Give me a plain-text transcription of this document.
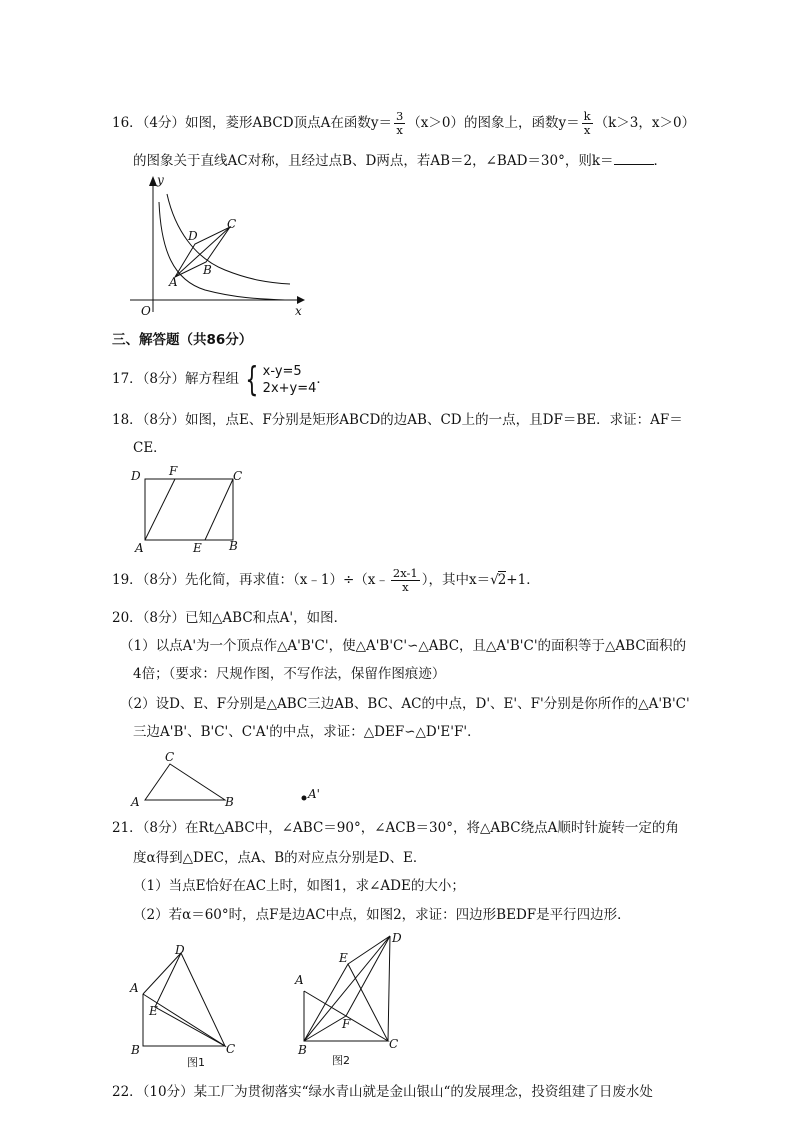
16．（4分）如图，菱形ABCD顶点A在函数$y= \frac{3}{x} (x>0)$的图象上，函数$y= \frac{k}{x} (k>3$，x＞0）
的图象关于直线AC对称，且经过点B、D两点，若AB＝2，∠BAD＝30°，则k＝	．
y
x
O
A
B
C
D
三、解答题（共86分）
17．（8分）解方程组 { x-y=5
2x+y=4
．
18．（8分）如图，点E、F分别是矩形ABCD的边AB、CD上的一点，且DF＝BE．求证：AF＝
CE．
D F	C
A	E B
19．（8分）先化简，再求值：（x﹣1）÷（x﹣ $\frac{2x-1}{x}$ ），其中x＝√2+1．
20．（8分）已知△ABC和点A'，如图．
（1）以点A'为一个顶点作△A'B'C'，使△A'B'C'∽△ABC，且△A'B'C'的面积等于△ABC面积的
4倍；（要求：尺规作图，不写作法，保留作图痕迹）
（2）设D、E、F分别是△ABC三边AB、BC、AC的中点，D'、E'、F'分别是你所作的△A'B'C'
三边A'B'、B'C'、C'A'的中点，求证：△DEF∽△D'E'F'．
C
A	B
A'
21．（8分）在Rt△ABC中，∠ABC＝90°，∠ACB＝30°，将△ABC绕点A顺时针旋转一定的角
度α得到△DEC，点A、B的对应点分别是D、E．
（1）当点E恰好在AC上时，如图1，求∠ADE的大小；
（2）若α＝60°时，点F是边AC中点，如图2，求证：四边形BEDF是平行四边形．
D
A
E
B	C
图1
D
E
A
F
B	C
图2
22．（10分）某工厂为贯彻落实“绿水青山就是金山银山“的发展理念，投资组建了日废水处
